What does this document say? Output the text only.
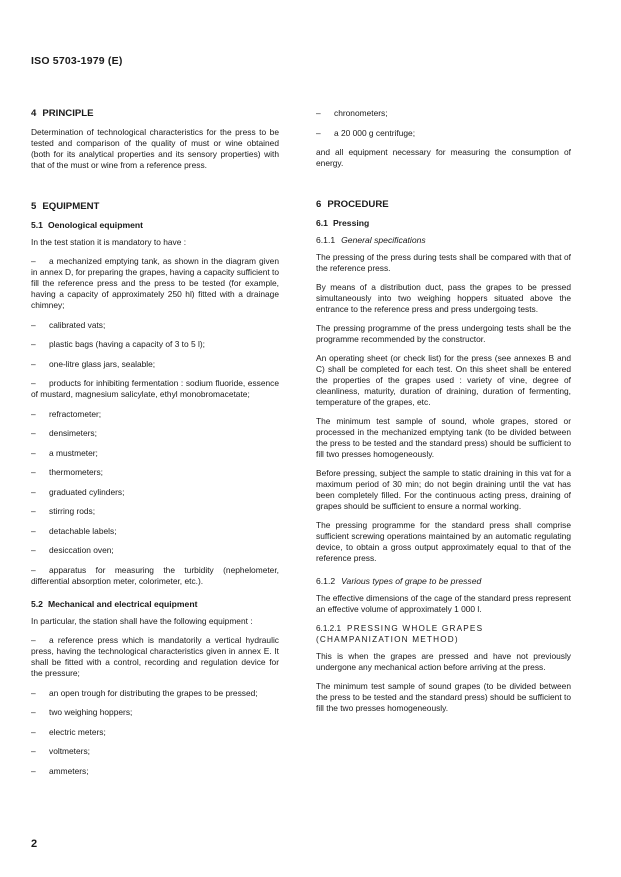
ISO 5703-1979 (E)
4 PRINCIPLE

Determination of technological characteristics for the press to be tested and comparison of the quality of must or wine obtained (both for its analytical properties and its sensory properties) with that of the must or wine from a reference press.

5 EQUIPMENT
5.1 Oenological equipment

In the test station it is mandatory to have :

– a mechanized emptying tank, as shown in the diagram given in annex D, for preparing the grapes, having a capacity sufficient to fill the reference press and the press to be tested (for example, having a capacity of approximately 250 hl) fitted with a drainage chimney;
– calibrated vats;
– plastic bags (having a capacity of 3 to 5 l);
– one-litre glass jars, sealable;
– products for inhibiting fermentation : sodium fluoride, essence of mustard, magnesium salicylate, ethyl monobromacetate;
– refractometer;
– densimeters;
– a mustmeter;
– thermometers;
– graduated cylinders;
– stirring rods;
– detachable labels;
– desiccation oven;
– apparatus for measuring the turbidity (nephelometer, differential absorption meter, colorimeter, etc.).
5.2 Mechanical and electrical equipment

In particular, the station shall have the following equipment :

– a reference press which is mandatorily a vertical hydraulic press, having the technological characteristics given in annex E. It shall be fitted with a control, recording and regulation device for the pressure;
– an open trough for distributing the grapes to be pressed;
– two weighing hoppers;
– electric meters;
– voltmeters;
– ammeters;
– chronometers;
– a 20 000 g centrifuge;

and all equipment necessary for measuring the consumption of energy.

6 PROCEDURE
6.1 Pressing
6.1.1 General specifications

The pressing of the press during tests shall be compared with that of the reference press.

By means of a distribution duct, pass the grapes to be pressed simultaneously into two weighing hoppers situated above the entrance to the reference press and press undergoing tests.

The pressing programme of the press undergoing tests shall be the programme recommended by the constructor.

An operating sheet (or check list) for the press (see annexes B and C) shall be completed for each test. On this sheet shall be entered the properties of the grapes used : variety of vine, degree of cleanliness, maturity, duration of draining, duration of fermenting, temperature of the grapes, etc.

The minimum test sample of sound, whole grapes, stored or processed in the mechanized emptying tank (to be divided between the press to be tested and the standard press) should be sufficient to fill two presses homogeneously.

Before pressing, subject the sample to static draining in this vat for a maximum period of 30 min; do not begin draining until the vat has been completely filled. For the continuous acting press, draining of grapes should be sufficient to ensure a normal working.

The pressing programme for the standard press shall comprise sufficient screwing operations maintained by an automatic regulating device, to obtain a gross output approximately equal to that of the reference press.

6.1.2 Various types of grape to be pressed

The effective dimensions of the cage of the standard press represent an effective volume of approximately 1 000 l.

6.1.2.1 PRESSING WHOLE GRAPES
(CHAMPANIZATION METHOD)

This is when the grapes are pressed and have not previously undergone any mechanical action before arriving at the press.

The minimum test sample of sound grapes (to be divided between the press to be tested and the standard press) should be sufficient to fill the two presses homogeneously.

2
